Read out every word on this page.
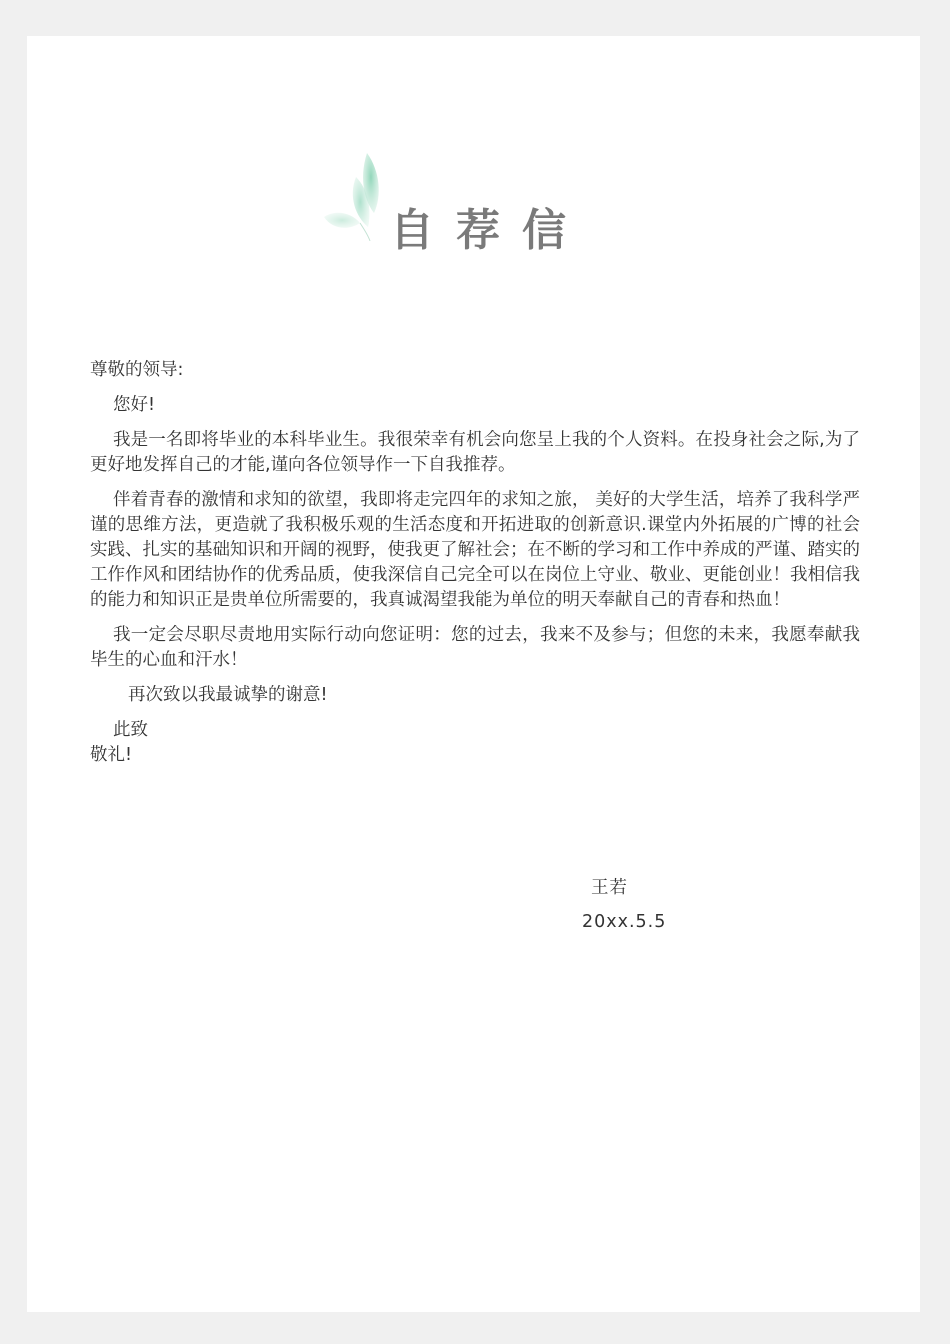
自荐信

尊敬的领导:

您好!

我是一名即将毕业的本科毕业生。我很荣幸有机会向您呈上我的个人资料。在投身社会之际,为了更好地发挥自己的才能,谨向各位领导作一下自我推荐。

伴着青春的激情和求知的欲望，我即将走完四年的求知之旅， 美好的大学生活，培养了我科学严谨的思维方法，更造就了我积极乐观的生活态度和开拓进取的创新意识.课堂内外拓展的广博的社会实践、扎实的基础知识和开阔的视野，使我更了解社会；在不断的学习和工作中养成的严谨、踏实的工作作风和团结协作的优秀品质，使我深信自己完全可以在岗位上守业、敬业、更能创业！我相信我的能力和知识正是贵单位所需要的，我真诚渴望我能为单位的明天奉献自己的青春和热血！

我一定会尽职尽责地用实际行动向您证明：您的过去，我来不及参与；但您的未来，我愿奉献我毕生的心血和汗水！

再次致以我最诚挚的谢意!

此致

敬礼!

王若
20xx.5.5
